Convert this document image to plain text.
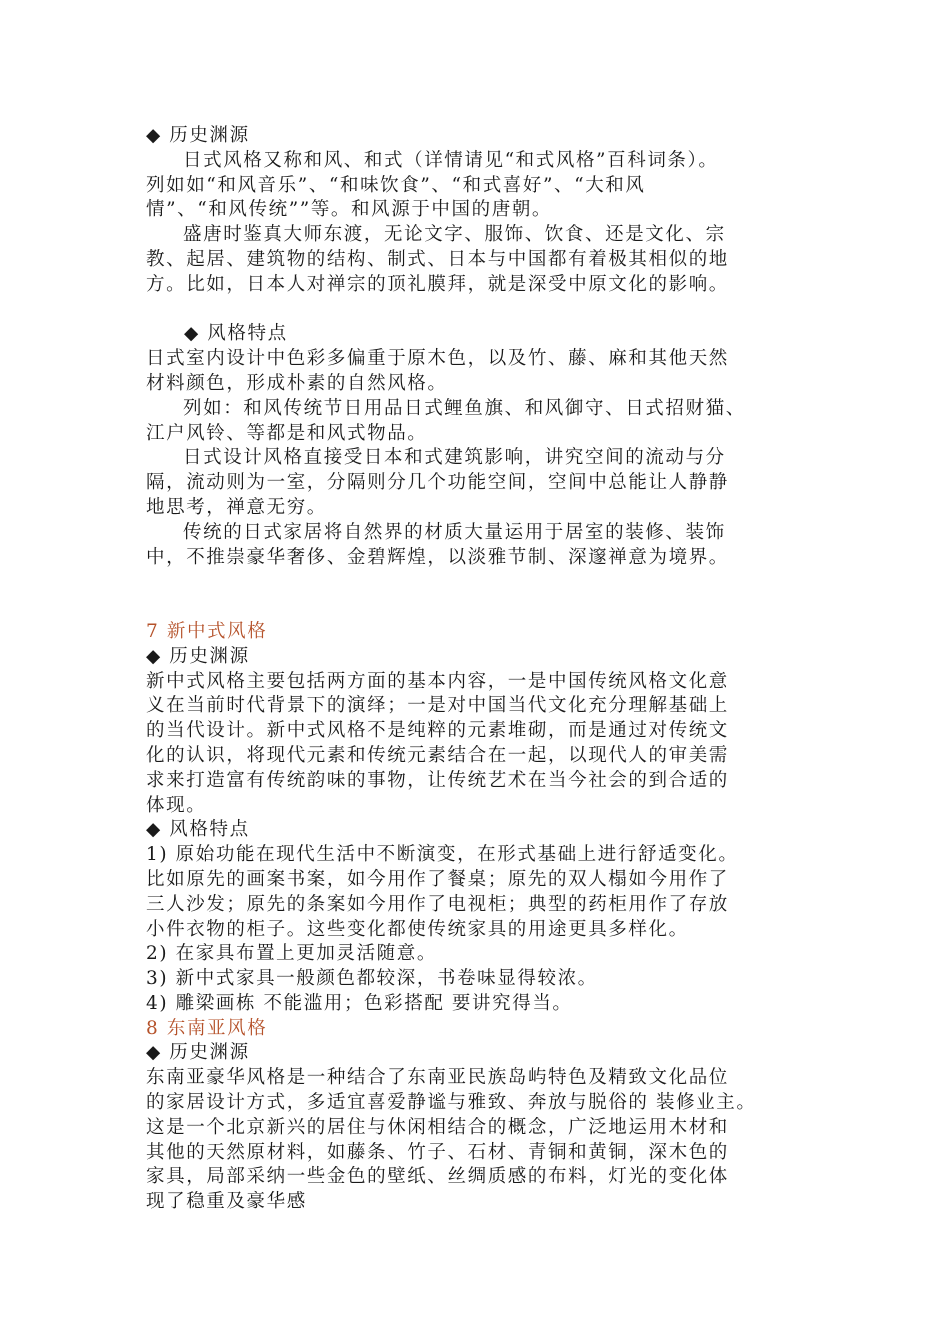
◆ 历史渊源
日式风格又称和风、和式（详情请见“和式风格”百科词条）。
列如如“和风音乐”、“和味饮食”、“和式喜好”、“大和风
情”、“和风传统””等。和风源于中国的唐朝。
盛唐时鉴真大师东渡，无论文字、服饰、饮食、还是文化、宗
教、起居、建筑物的结构、制式、日本与中国都有着极其相似的地
方。比如，日本人对禅宗的顶礼膜拜，就是深受中原文化的影响。
◆ 风格特点
日式室内设计中色彩多偏重于原木色，以及竹、藤、麻和其他天然
材料颜色，形成朴素的自然风格。
列如：和风传统节日用品日式鲤鱼旗、和风御守、日式招财猫、
江户风铃、等都是和风式物品。
日式设计风格直接受日本和式建筑影响，讲究空间的流动与分
隔，流动则为一室，分隔则分几个功能空间，空间中总能让人静静
地思考，禅意无穷。
传统的日式家居将自然界的材质大量运用于居室的装修、装饰
中，不推崇豪华奢侈、金碧辉煌，以淡雅节制、深邃禅意为境界。
7 新中式风格
◆ 历史渊源
新中式风格主要包括两方面的基本内容，一是中国传统风格文化意
义在当前时代背景下的演绎；一是对中国当代文化充分理解基础上
的当代设计。新中式风格不是纯粹的元素堆砌，而是通过对传统文
化的认识，将现代元素和传统元素结合在一起，以现代人的审美需
求来打造富有传统韵味的事物，让传统艺术在当今社会的到合适的
体现。
◆ 风格特点
1) 原始功能在现代生活中不断演变，在形式基础上进行舒适变化。
比如原先的画案书案，如今用作了餐桌；原先的双人榻如今用作了
三人沙发；原先的条案如今用作了电视柜；典型的药柜用作了存放
小件衣物的柜子。这些变化都使传统家具的用途更具多样化。
2) 在家具布置上更加灵活随意。
3) 新中式家具一般颜色都较深，书卷味显得较浓。
4) 雕梁画栋 不能滥用；色彩搭配 要讲究得当。
8 东南亚风格
◆ 历史渊源
东南亚豪华风格是一种结合了东南亚民族岛屿特色及精致文化品位
的家居设计方式，多适宜喜爱静谧与雅致、奔放与脱俗的 装修业主。
这是一个北京新兴的居住与休闲相结合的概念，广泛地运用木材和
其他的天然原材料，如藤条、竹子、石材、青铜和黄铜，深木色的
家具，局部采纳一些金色的壁纸、丝绸质感的布料，灯光的变化体
现了稳重及豪华感
